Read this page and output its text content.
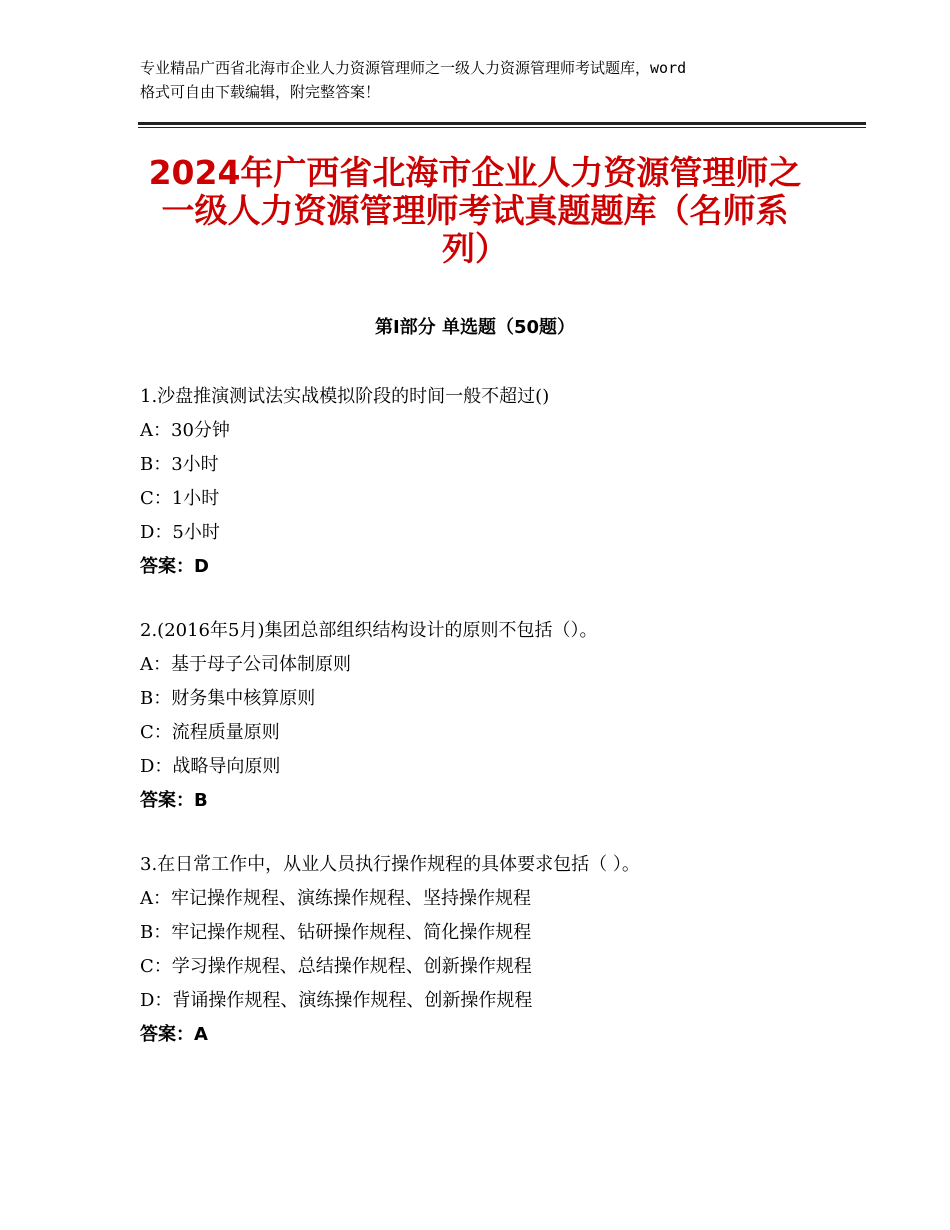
专业精品广西省北海市企业人力资源管理师之一级人力资源管理师考试题库，word
格式可自由下载编辑，附完整答案！
2024年广西省北海市企业人力资源管理师之
一级人力资源管理师考试真题题库（名师系
列）
第Ⅰ部分 单选题（50题）
1.沙盘推演测试法实战模拟阶段的时间一般不超过()
A：30分钟
B：3小时
C：1小时
D：5小时
答案：D
2.(2016年5月)集团总部组织结构设计的原则不包括（）。
A：基于母子公司体制原则
B：财务集中核算原则
C：流程质量原则
D：战略导向原则
答案：B
3.在日常工作中，从业人员执行操作规程的具体要求包括（ ）。
A：牢记操作规程、演练操作规程、坚持操作规程
B：牢记操作规程、钻研操作规程、简化操作规程
C：学习操作规程、总结操作规程、创新操作规程
D：背诵操作规程、演练操作规程、创新操作规程
答案：A
